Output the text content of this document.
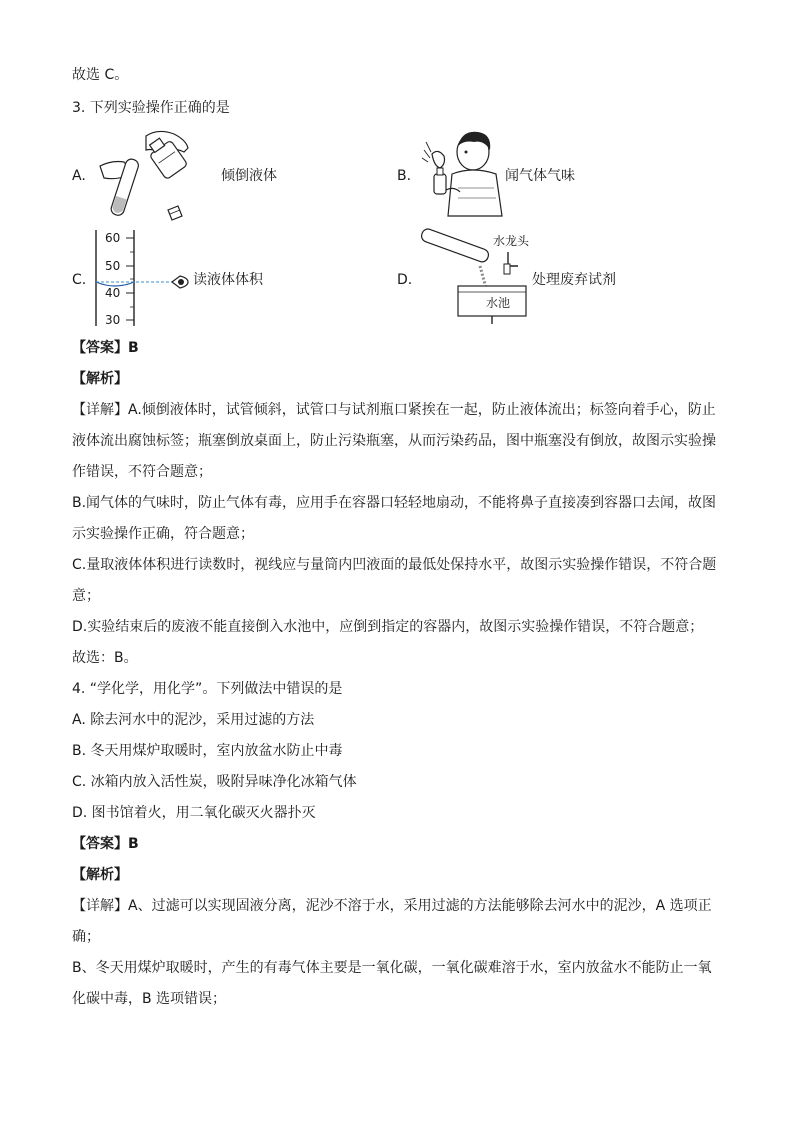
故选 C。
3. 下列实验操作正确的是
A.	倾倒液体	B.	闻气体气味
C.
60
50
40
30
读液体体积	D.
水龙头
水池
处理废弃试剂
【答案】B
【解析】
【详解】A.倾倒液体时，试管倾斜，试管口与试剂瓶口紧挨在一起，防止液体流出；标签向着手心，防止
液体流出腐蚀标签；瓶塞倒放桌面上，防止污染瓶塞，从而污染药品，图中瓶塞没有倒放，故图示实验操
作错误，不符合题意；
B.闻气体的气味时，防止气体有毒，应用手在容器口轻轻地扇动，不能将鼻子直接凑到容器口去闻，故图
示实验操作正确，符合题意；
C.量取液体体积进行读数时，视线应与量筒内凹液面的最低处保持水平，故图示实验操作错误，不符合题
意；
D.实验结束后的废液不能直接倒入水池中，应倒到指定的容器内，故图示实验操作错误，不符合题意；
故选：B。
4. “学化学，用化学”。下列做法中错误的是
A. 除去河水中的泥沙，采用过滤的方法
B. 冬天用煤炉取暖时，室内放盆水防止中毒
C. 冰箱内放入活性炭，吸附异味净化冰箱气体
D. 图书馆着火，用二氧化碳灭火器扑灭
【答案】B
【解析】
【详解】A、过滤可以实现固液分离，泥沙不溶于水，采用过滤的方法能够除去河水中的泥沙，A 选项正
确；
B、冬天用煤炉取暖时，产生的有毒气体主要是一氧化碳，一氧化碳难溶于水，室内放盆水不能防止一氧
化碳中毒，B 选项错误；
